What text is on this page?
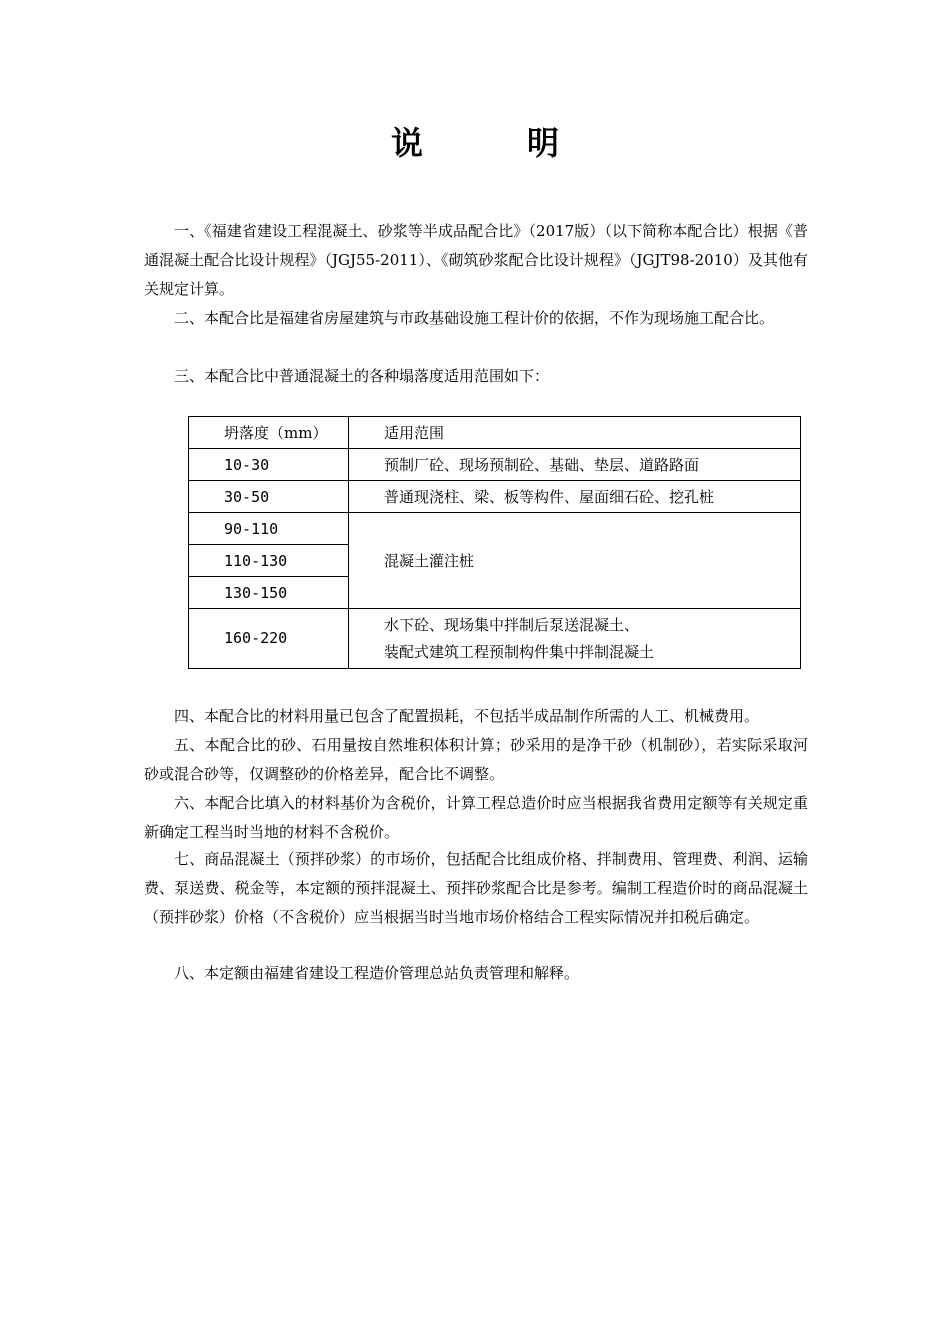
说　明

一、《福建省建设工程混凝土、砂浆等半成品配合比》（2017版）（以下简称本配合比）根据《普通混凝土配合比设计规程》（JGJ55-2011）、《砌筑砂浆配合比设计规程》（JGJT98-2010）及其他有关规定计算。

二、本配合比是福建省房屋建筑与市政基础设施工程计价的依据，不作为现场施工配合比。

三、本配合比中普通混凝土的各种塌落度适用范围如下：

坍落度（mm）	适用范围
10-30	预制厂砼、现场预制砼、基础、垫层、道路路面
30-50	普通现浇柱、梁、板等构件、屋面细石砼、挖孔桩
90-110	混凝土灌注桩
110-130	
130-150	
160-220	水下砼、现场集中拌制后泵送混凝土、
装配式建筑工程预制构件集中拌制混凝土

四、本配合比的材料用量已包含了配置损耗，不包括半成品制作所需的人工、机械费用。

五、本配合比的砂、石用量按自然堆积体积计算；砂采用的是净干砂（机制砂），若实际采取河砂或混合砂等，仅调整砂的价格差异，配合比不调整。

六、本配合比填入的材料基价为含税价，计算工程总造价时应当根据我省费用定额等有关规定重新确定工程当时当地的材料不含税价。

七、商品混凝土（预拌砂浆）的市场价，包括配合比组成价格、拌制费用、管理费、利润、运输费、泵送费、税金等，本定额的预拌混凝土、预拌砂浆配合比是参考。编制工程造价时的商品混凝土（预拌砂浆）价格（不含税价）应当根据当时当地市场价格结合工程实际情况并扣税后确定。

八、本定额由福建省建设工程造价管理总站负责管理和解释。
